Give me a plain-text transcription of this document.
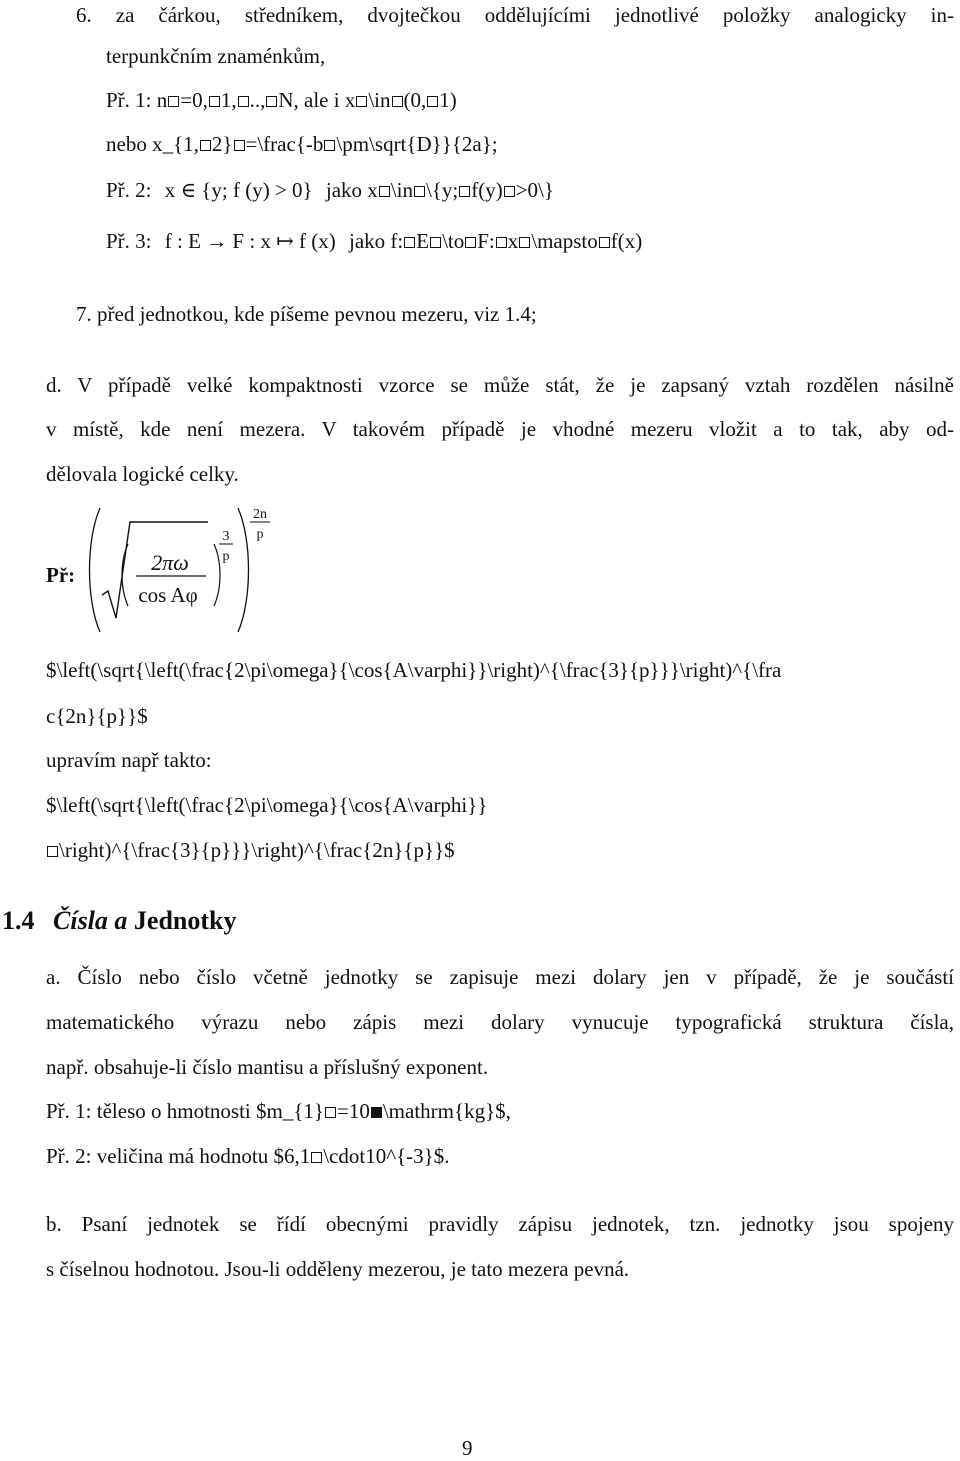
6. za čárkou, středníkem, dvojtečkou oddělujícími jednotlivé položky analogicky in-
terpunkčním znaménkům,
Př. 1: n =0, 1, .., N, ale i x \in (0, 1)
nebo x_{1, 2} =\frac{-b \pm\sqrt{D}}{2a};
Př. 2: x ∈ {y; f (y) > 0} jako x \in \{y; f(y) >0\}
Př. 3: f : E → F : x ↦ f (x) jako f: E \to F: x \mapsto f(x)
7. před jednotkou, kde píšeme pevnou mezeru, viz 1.4;
d. V případě velké kompaktnosti vzorce se může stát, že je zapsaný vztah rozdělen násilně
v místě, kde není mezera. V takovém případě je vhodné mezeru vložit a to tak, aby od-
dělovala logické celky.
Př:	2πω
cos Aφ
3
p
2n
p
$\left(\sqrt{\left(\frac{2\pi\omega}{\cos{A\varphi}}\right)^{\frac{3}{p}}}\right)^{\fra
c{2n}{p}}$
upravím např takto:
$\left(\sqrt{\left(\frac{2\pi\omega}{\cos{A\varphi}}
\right)^{\frac{3}{p}}}\right)^{\frac{2n}{p}}$
1.4 Čísla a Jednotky
a. Číslo nebo číslo včetně jednotky se zapisuje mezi dolary jen v případě, že je součástí
matematického výrazu nebo zápis mezi dolary vynucuje typografická struktura čísla,
např. obsahuje-li číslo mantisu a příslušný exponent.
Př. 1: těleso o hmotnosti $m_{1} =10 \mathrm{kg}$,
Př. 2: veličina má hodnotu $6,1 \cdot10^{-3}$.
b. Psaní jednotek se řídí obecnými pravidly zápisu jednotek, tzn. jednotky jsou spojeny
s číselnou hodnotou. Jsou-li odděleny mezerou, je tato mezera pevná.
9
